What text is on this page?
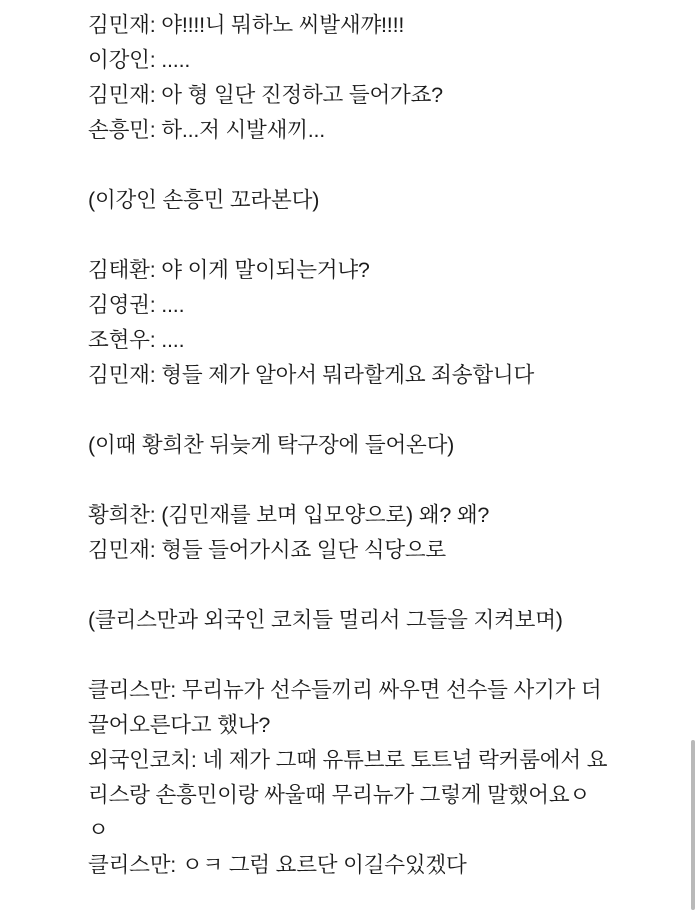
김민재: 야!!!!니 뭐하노 씨발새꺄!!!!
이강인: .....
김민재: 아 형 일단 진정하고 들어가죠?
손흥민: 하...저 시발새끼...
(이강인 손흥민 꼬라본다)
김태환: 야 이게 말이되는거냐?
김영권: ....
조현우: ....
김민재: 형들 제가 알아서 뭐라할게요 죄송합니다
(이때 황희찬 뒤늦게 탁구장에 들어온다)
황희찬: (김민재를 보며 입모양으로) 왜? 왜?
김민재: 형들 들어가시죠 일단 식당으로
(클리스만과 외국인 코치들 멀리서 그들을 지켜보며)
클리스만: 무리뉴가 선수들끼리 싸우면 선수들 사기가 더 끌어오른다고 했나?
외국인코치: 네 제가 그때 유튜브로 토트넘 락커룸에서 요리스랑 손흥민이랑 싸울때 무리뉴가 그렇게 말했어요ㅇㅇ
클리스만: ㅇㅋ 그럼 요르단 이길수있겠다
